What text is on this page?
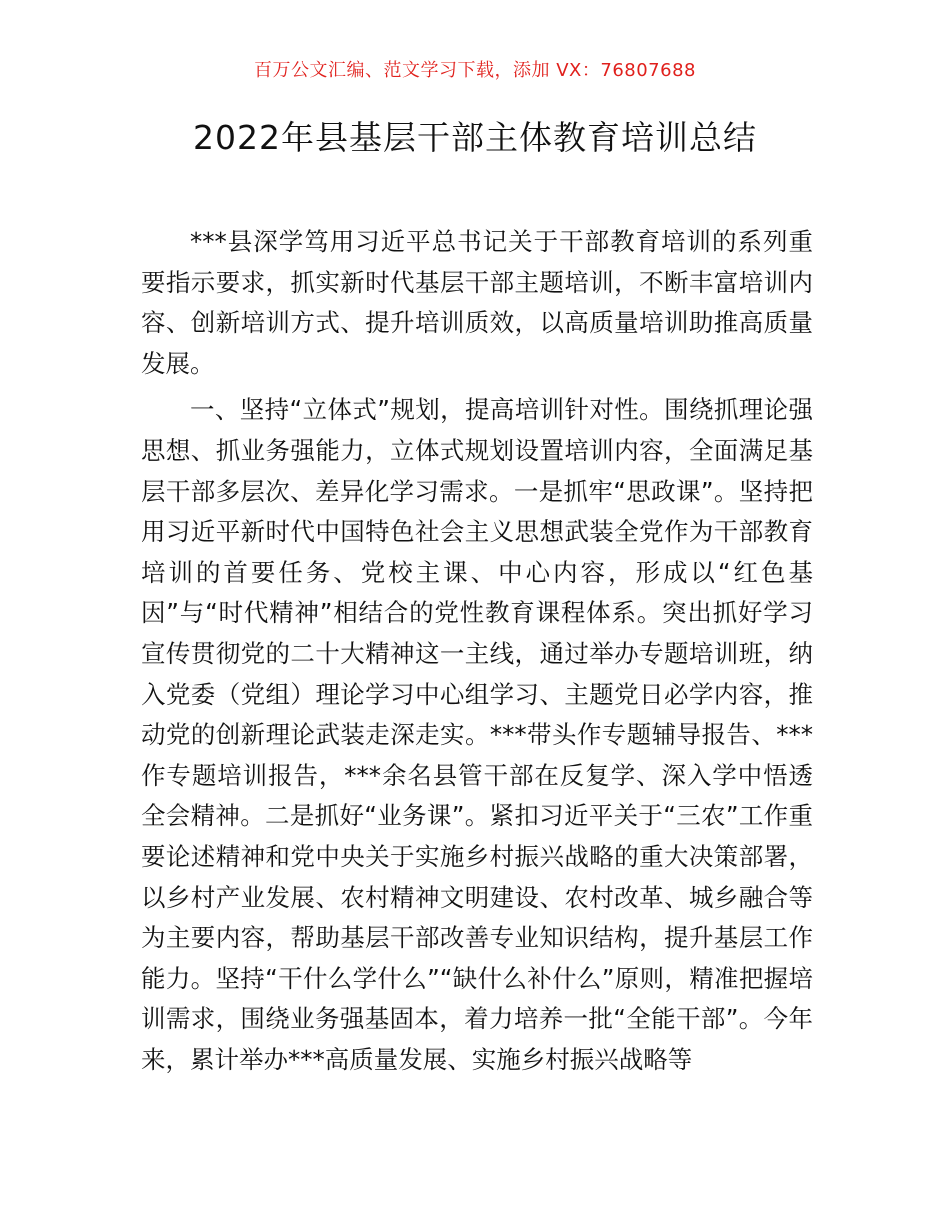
百万公文汇编、范文学习下载，添加 VX：76807688
2022年县基层干部主体教育培训总结

***县深学笃用习近平总书记关于干部教育培训的系列重要指示要求，抓实新时代基层干部主题培训，不断丰富培训内容、创新培训方式、提升培训质效，以高质量培训助推高质量发展。

一、坚持“立体式”规划，提高培训针对性。围绕抓理论强思想、抓业务强能力，立体式规划设置培训内容，全面满足基层干部多层次、差异化学习需求。一是抓牢“思政课”。坚持把用习近平新时代中国特色社会主义思想武装全党作为干部教育培训的首要任务、党校主课、中心内容，形成以“红色基因”与“时代精神”相结合的党性教育课程体系。突出抓好学习宣传贯彻党的二十大精神这一主线，通过举办专题培训班，纳入党委（党组）理论学习中心组学习、主题党日必学内容，推动党的创新理论武装走深走实。***带头作专题辅导报告、***作专题培训报告，***余名县管干部在反复学、深入学中悟透全会精神。二是抓好“业务课”。紧扣习近平关于“三农”工作重要论述精神和党中央关于实施乡村振兴战略的重大决策部署，以乡村产业发展、农村精神文明建设、农村改革、城乡融合等为主要内容，帮助基层干部改善专业知识结构，提升基层工作能力。坚持“干什么学什么”“缺什么补什么”原则，精准把握培训需求，围绕业务强基固本，着力培养一批“全能干部”。今年来，累计举办***高质量发展、实施乡村振兴战略等
